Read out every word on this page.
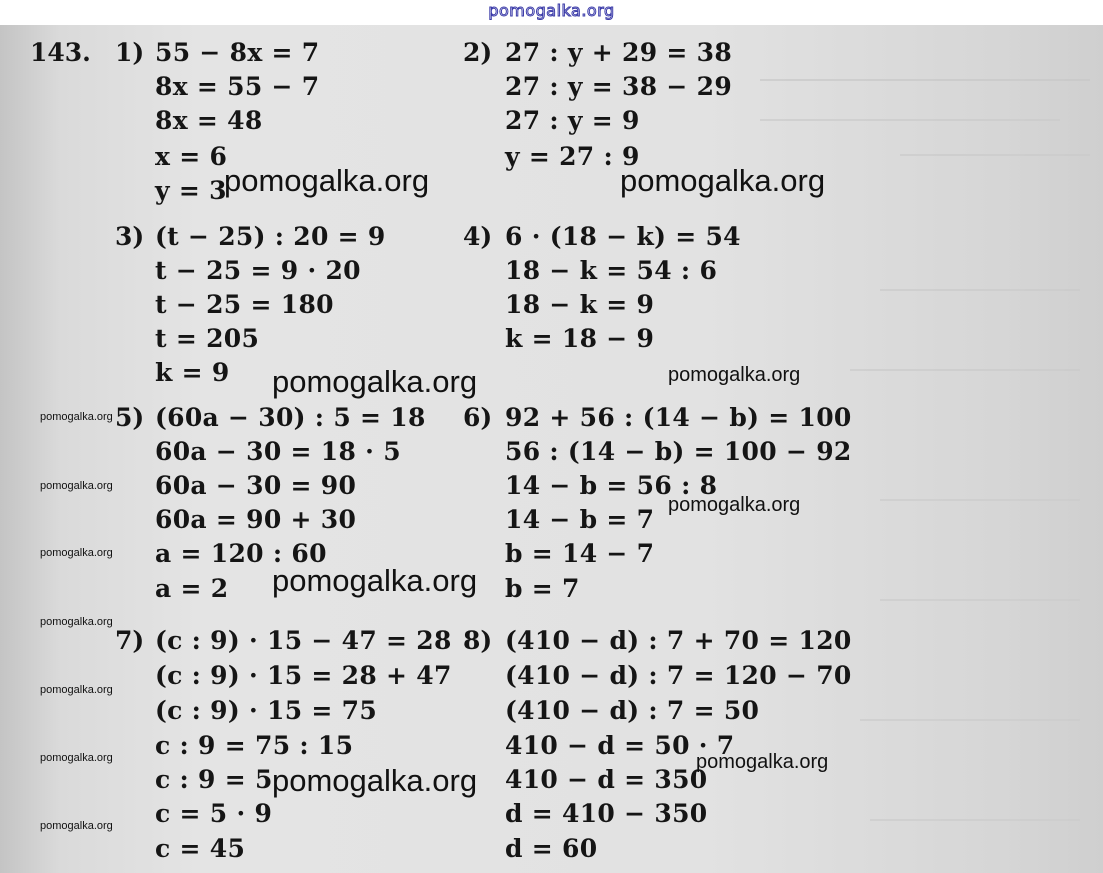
pomogalka.org
143. 1) 55 − 8x = 7
8x = 55 − 7
8x = 48
x = 6
y = 3
2) 27 : y + 29 = 38
27 : y = 38 − 29
27 : y = 9
y = 27 : 9
3) (t − 25) : 20 = 9
t − 25 = 9 · 20
t − 25 = 180
t = 205
k = 9
4) 6 · (18 − k) = 54
18 − k = 54 : 6
18 − k = 9
k = 18 − 9
5) (60a − 30) : 5 = 18
60a − 30 = 18 · 5
60a − 30 = 90
60a = 90 + 30
a = 120 : 60
a = 2
6) 92 + 56 : (14 − b) = 100
56 : (14 − b) = 100 − 92
14 − b = 56 : 8
14 − b = 7
b = 14 − 7
b = 7
7) (c : 9) · 15 − 47 = 28
(c : 9) · 15 = 28 + 47
(c : 9) · 15 = 75
c : 9 = 75 : 15
c : 9 = 5
c = 5 · 9
c = 45
8) (410 − d) : 7 + 70 = 120
(410 − d) : 7 = 120 − 70
(410 − d) : 7 = 50
410 − d = 50 · 7
410 − d = 350
d = 410 − 350
d = 60
pomogalka.org	pomogalka.org
pomogalka.org
pomogalka.org
pomogalka.org
pomogalka.org
pomogalka.org
pomogalka.org
pomogalka.org
pomogalka.org
pomogalka.org
pomogalka.org
pomogalka.org
pomogalka.org
pomogalka.org
